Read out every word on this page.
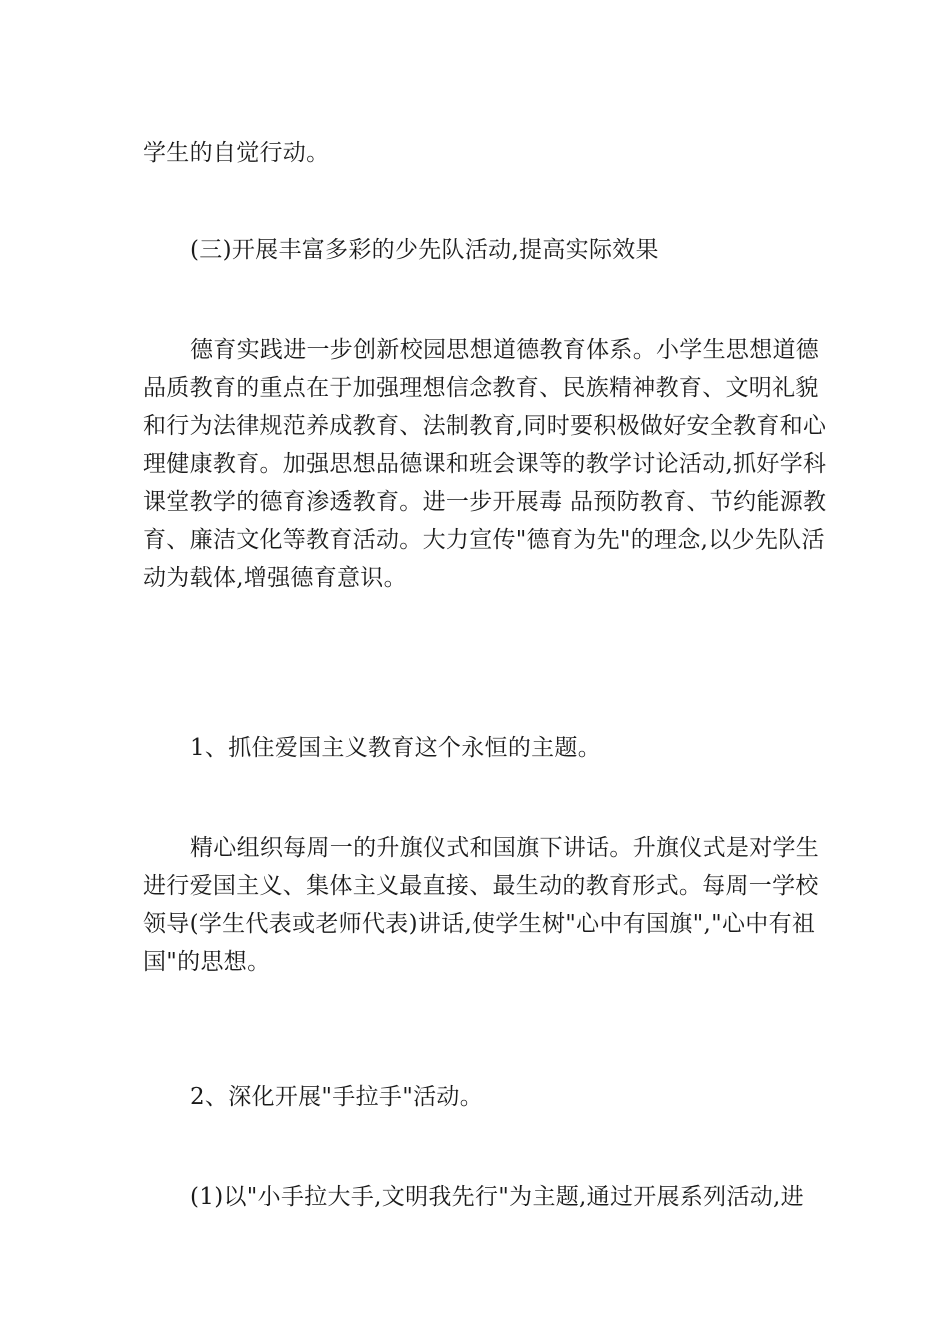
学生的自觉行动。
(三)开展丰富多彩的少先队活动,提高实际效果
德育实践进一步创新校园思想道德教育体系。小学生思想道德
品质教育的重点在于加强理想信念教育、民族精神教育、文明礼貌
和行为法律规范养成教育、法制教育,同时要积极做好安全教育和心
理健康教育。加强思想品德课和班会课等的教学讨论活动,抓好学科
课堂教学的德育渗透教育。进一步开展毒 品预防教育、节约能源教
育、廉洁文化等教育活动。大力宣传"德育为先"的理念,以少先队活
动为载体,增强德育意识。
1、抓住爱国主义教育这个永恒的主题。
精心组织每周一的升旗仪式和国旗下讲话。升旗仪式是对学生
进行爱国主义、集体主义最直接、最生动的教育形式。每周一学校
领导(学生代表或老师代表)讲话,使学生树"心中有国旗","心中有祖
国"的思想。
2、深化开展"手拉手"活动。
(1)以"小手拉大手,文明我先行"为主题,通过开展系列活动,进
